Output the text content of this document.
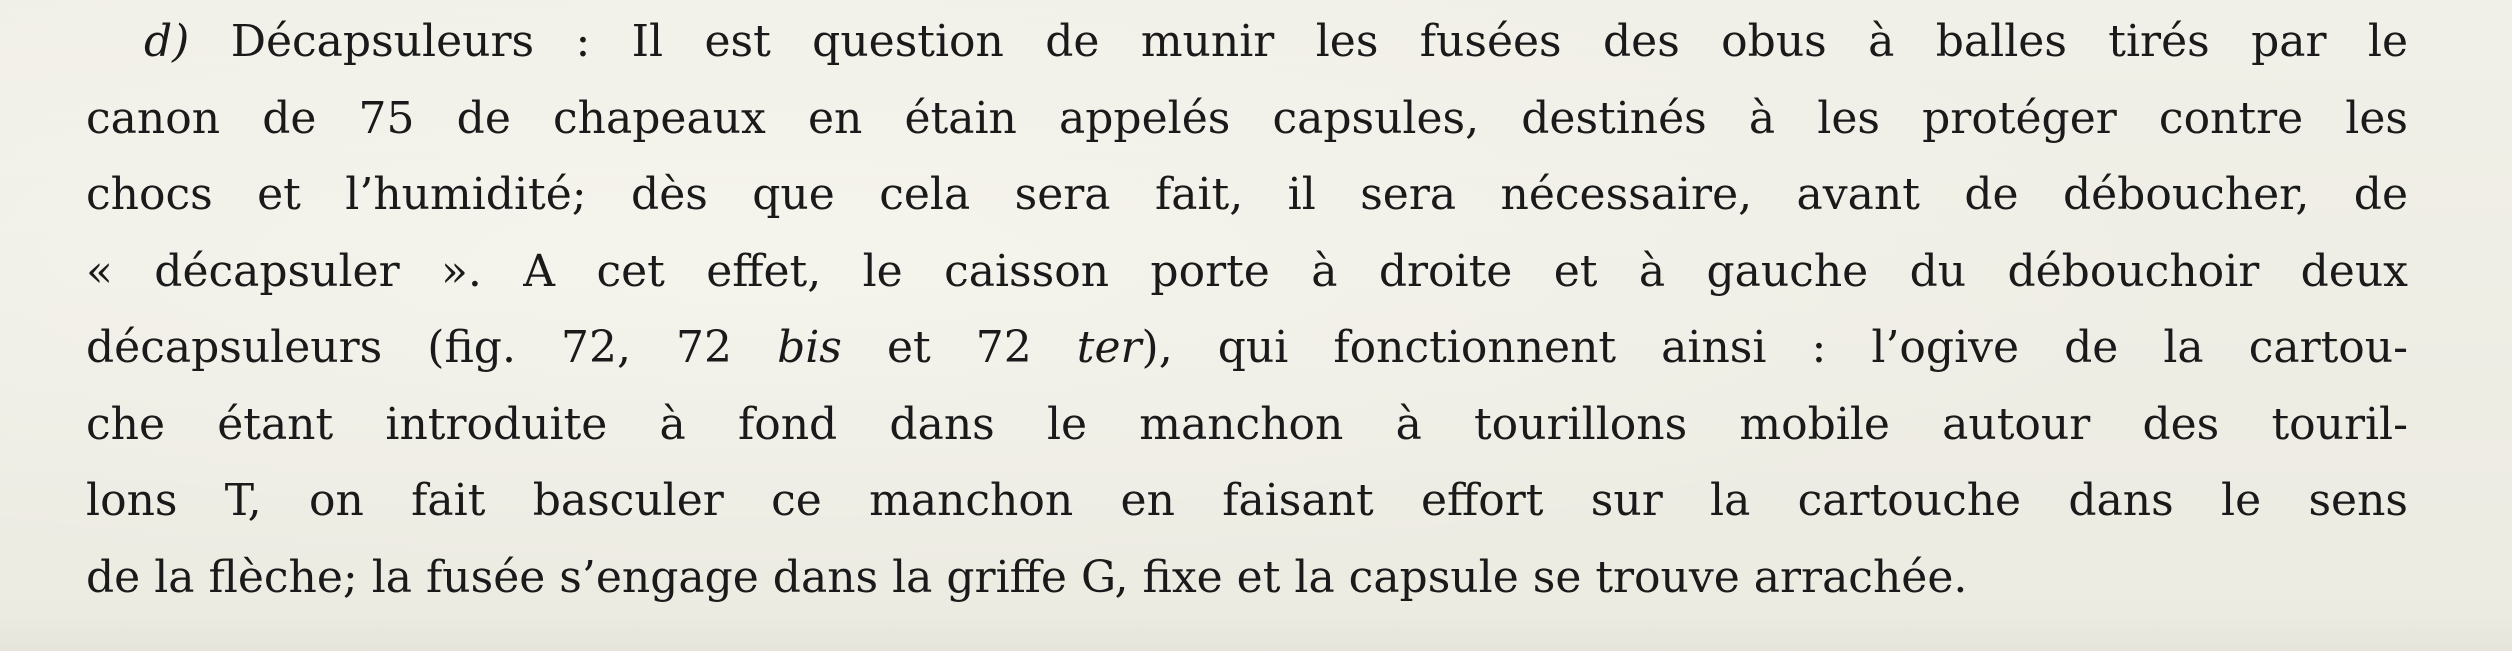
d) Décapsuleurs : Il est question de munir les fusées des obus à balles tirés par le
canon de 75 de chapeaux en étain appelés capsules, destinés à les protéger contre les
chocs et l’humidité; dès que cela sera fait, il sera nécessaire, avant de déboucher, de
« décapsuler ». A cet effet, le caisson porte à droite et à gauche du débouchoir deux
décapsuleurs (fig. 72, 72 bis et 72 ter), qui fonctionnent ainsi : l’ogive de la cartou-
che étant introduite à fond dans le manchon à tourillons mobile autour des touril-
lons T, on fait basculer ce manchon en faisant effort sur la cartouche dans le sens
de la flèche; la fusée s’engage dans la griffe G, fixe et la capsule se trouve arrachée.
